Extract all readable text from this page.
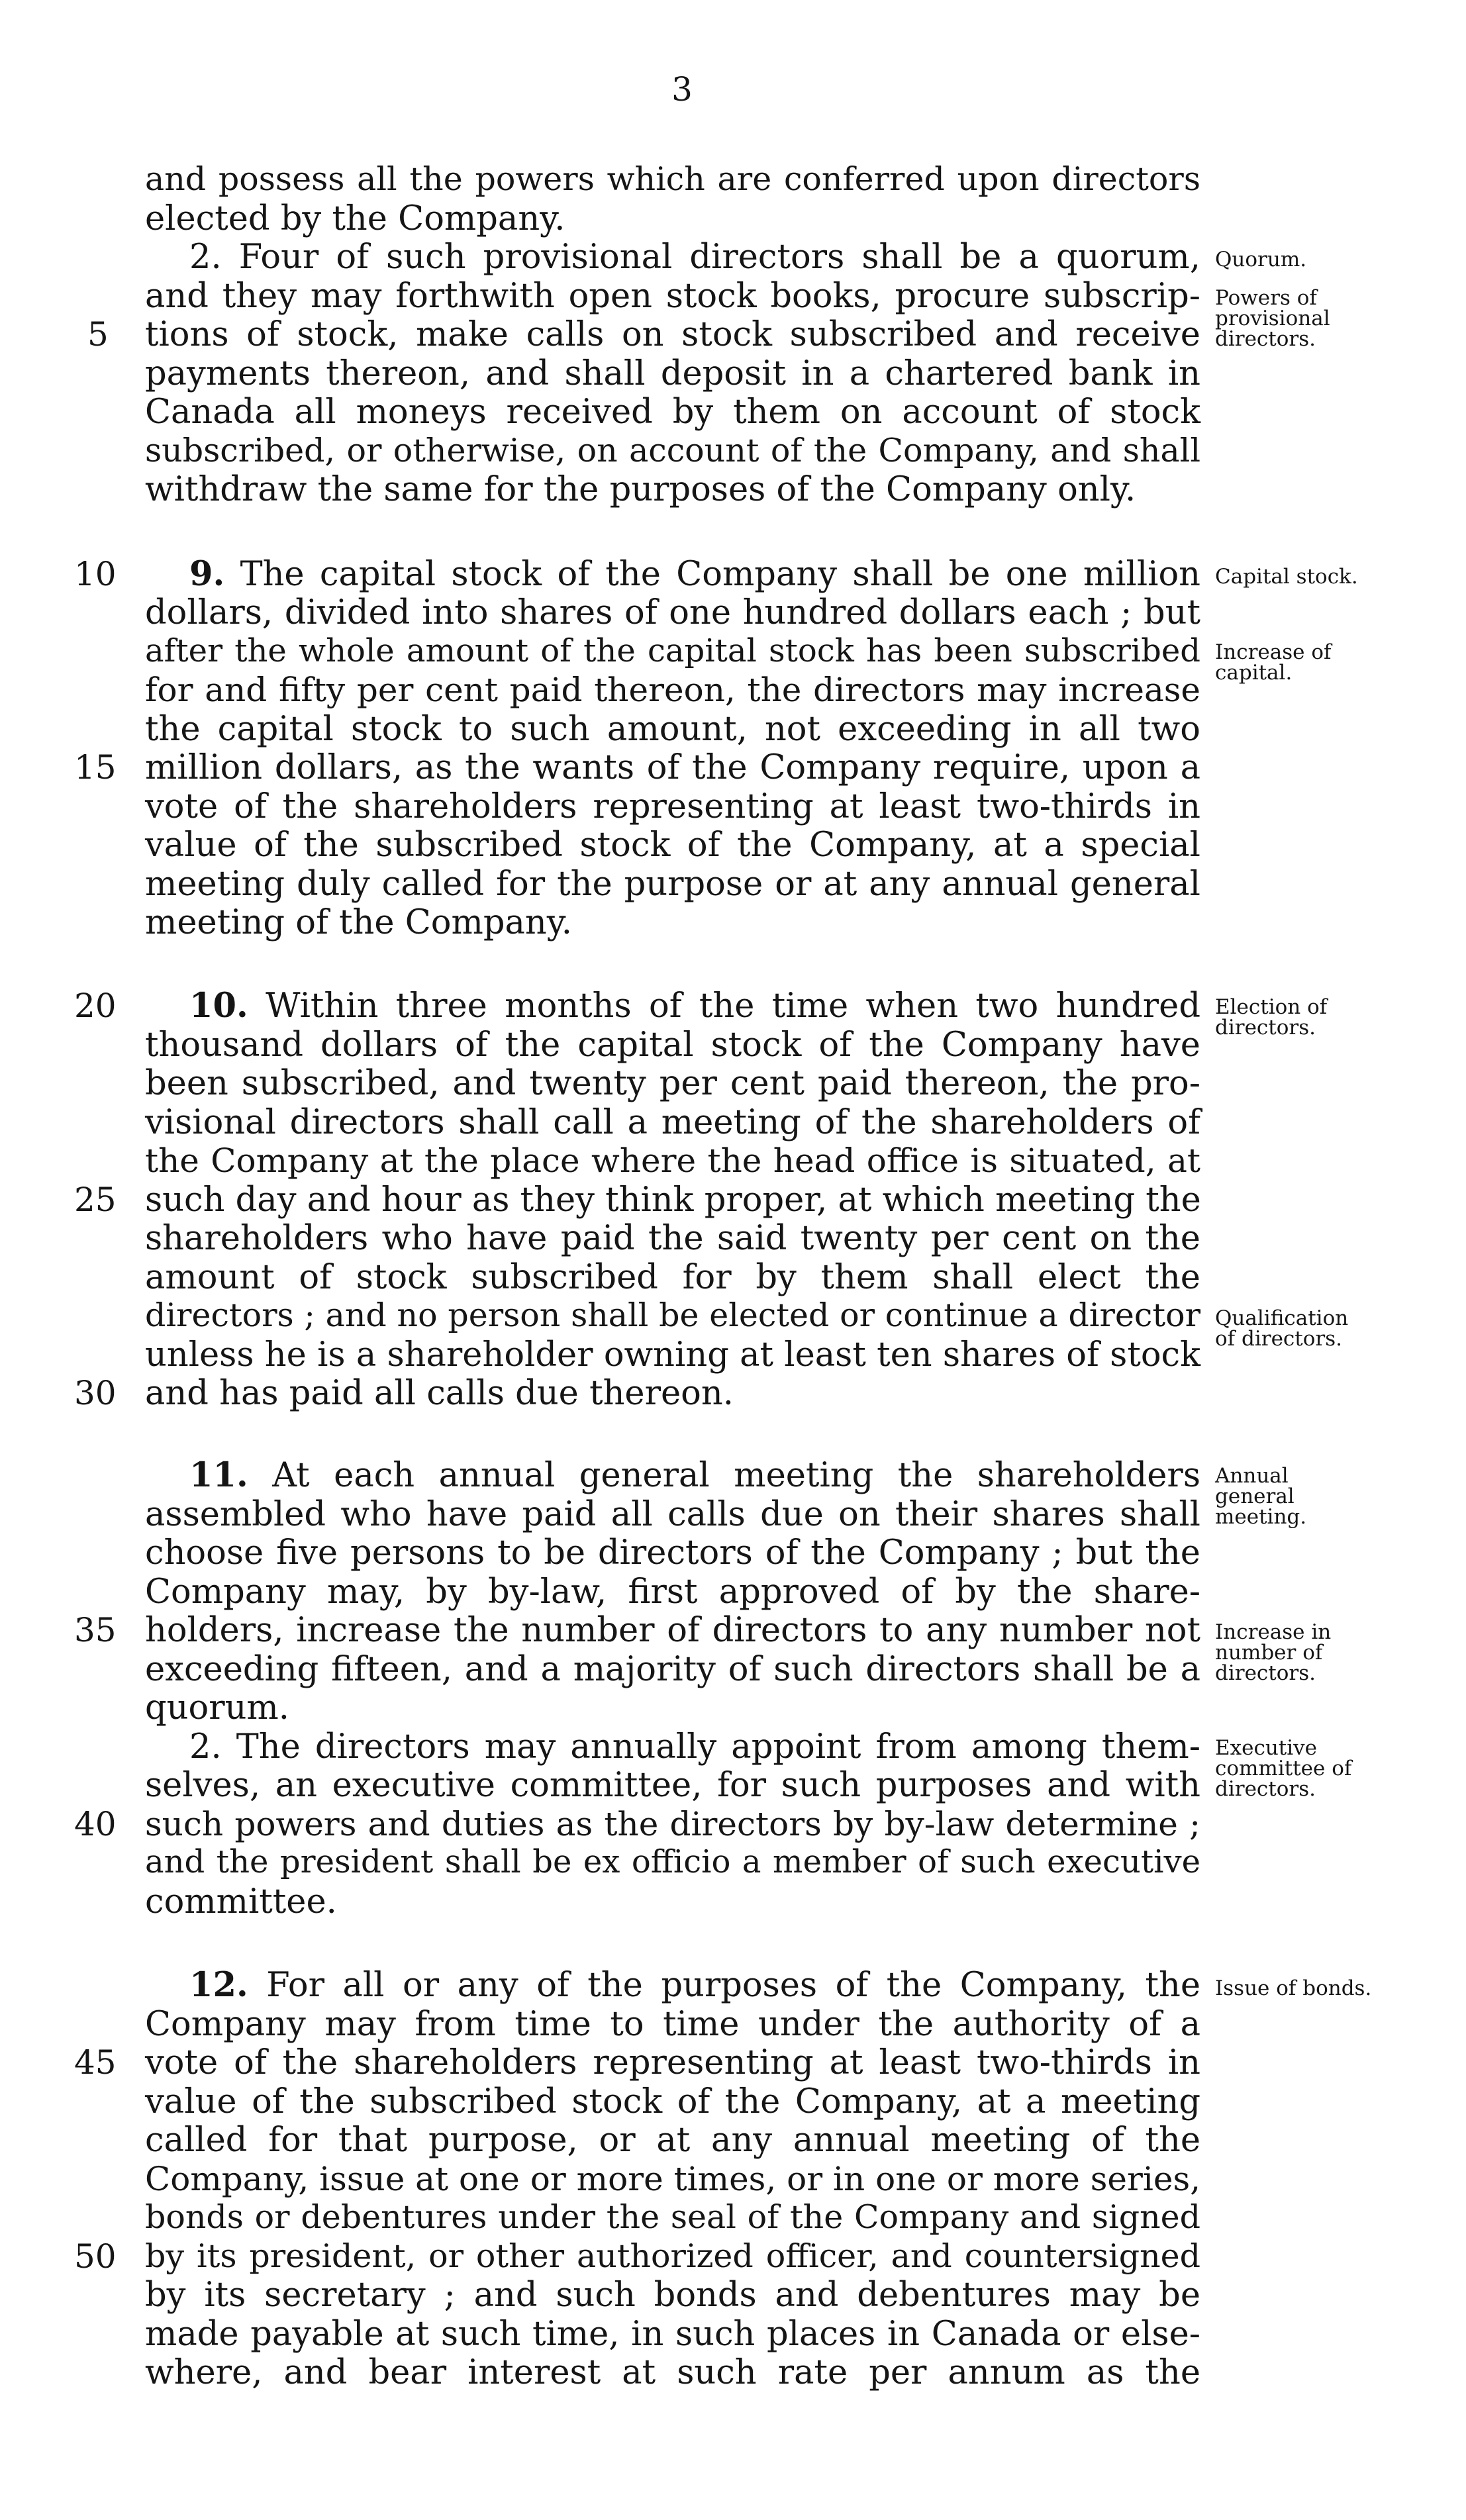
3
and possess all the powers which are conferred upon directors
elected by the Company.
2. Four of such provisional directors shall be a quorum,
and they may forthwith open stock books, procure subscrip-
tions of stock, make calls on stock subscribed and receive
payments thereon, and shall deposit in a chartered bank in
Canada all moneys received by them on account of stock
subscribed, or otherwise, on account of the Company, and shall
withdraw the same for the purposes of the Company only.
9. The capital stock of the Company shall be one million
dollars, divided into shares of one hundred dollars each ; but
after the whole amount of the capital stock has been subscribed
for and fifty per cent paid thereon, the directors may increase
the capital stock to such amount, not exceeding in all two
million dollars, as the wants of the Company require, upon a
vote of the shareholders representing at least two-thirds in
value of the subscribed stock of the Company, at a special
meeting duly called for the purpose or at any annual general
meeting of the Company.
10. Within three months of the time when two hundred
thousand dollars of the capital stock of the Company have
been subscribed, and twenty per cent paid thereon, the pro-
visional directors shall call a meeting of the shareholders of
the Company at the place where the head office is situated, at
such day and hour as they think proper, at which meeting the
shareholders who have paid the said twenty per cent on the
amount of stock subscribed for by them shall elect the
directors ; and no person shall be elected or continue a director
unless he is a shareholder owning at least ten shares of stock
and has paid all calls due thereon.
11. At each annual general meeting the shareholders
assembled who have paid all calls due on their shares shall
choose five persons to be directors of the Company ; but the
Company may, by by-law, first approved of by the share-
holders, increase the number of directors to any number not
exceeding fifteen, and a majority of such directors shall be a
quorum.
2. The directors may annually appoint from among them-
selves, an executive committee, for such purposes and with
such powers and duties as the directors by by-law determine ;
and the president shall be ex officio a member of such executive
committee.
12. For all or any of the purposes of the Company, the
Company may from time to time under the authority of a
vote of the shareholders representing at least two-thirds in
value of the subscribed stock of the Company, at a meeting
called for that purpose, or at any annual meeting of the
Company, issue at one or more times, or in one or more series,
bonds or debentures under the seal of the Company and signed
by its president, or other authorized officer, and countersigned
by its secretary ; and such bonds and debentures may be
made payable at such time, in such places in Canada or else-
where, and bear interest at such rate per annum as the
5
10
15
20
25
30
35
40
45
50
Quorum.
Powers of
provisional
directors.
Capital stock.
Increase of
capital.
Election of
directors.
Qualification
of directors.
Annual
general
meeting.
Increase in
number of
directors.
Executive
committee of
directors.
Issue of bonds.
